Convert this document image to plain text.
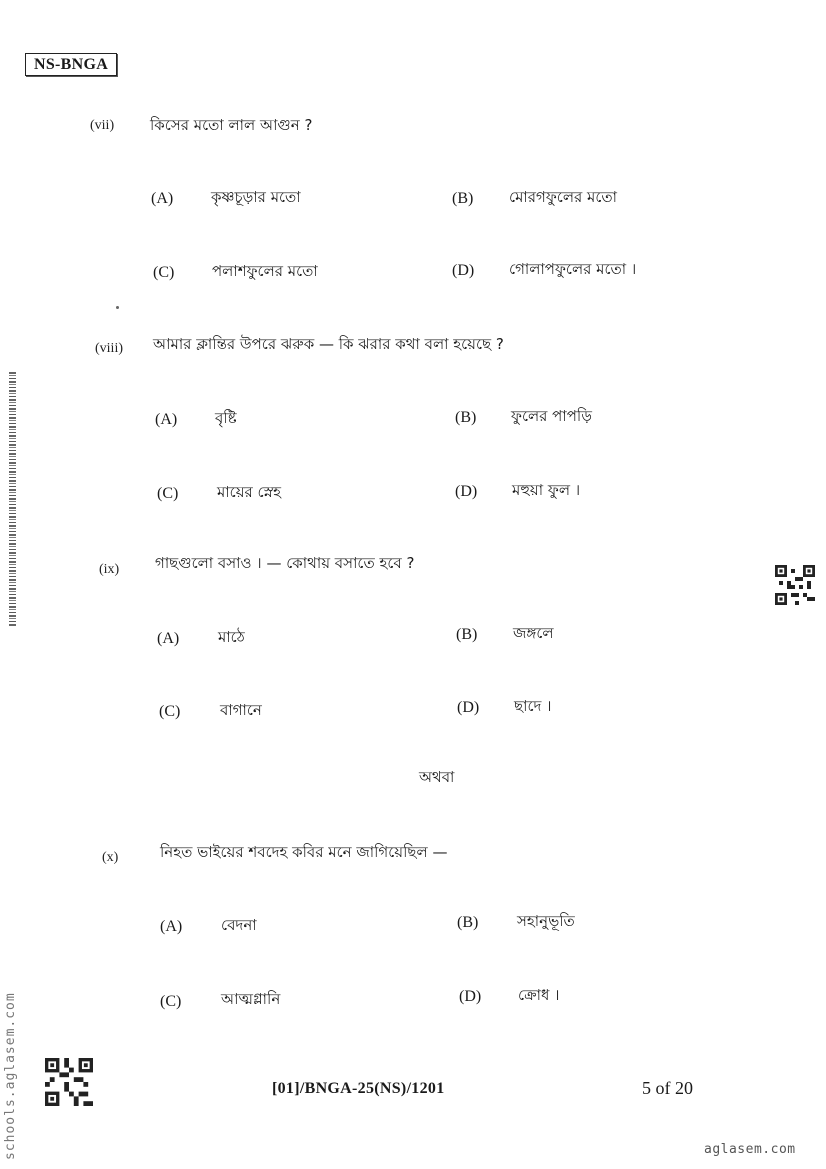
NS-BNGA
(vii) কিসের মতো লাল আগুন ?
(A)	কৃষ্ণচূড়ার মতো	(B) মোরগফুলের মতো
(C)	পলাশফুলের মতো	(D) গোলাপফুলের মতো ।
(viii) আমার ক্লান্তির উপরে ঝরুক — কি ঝরার কথা বলা হয়েছে ?
(A)	বৃষ্টি	(B) ফুলের পাপড়ি
(C)	মায়ের স্নেহ	(D) মহুয়া ফুল ।
(ix) গাছগুলো বসাও । — কোথায় বসাতে হবে ?
(A)	মাঠে	(B) জঙ্গলে
(C)	বাগানে	(D) ছাদে ।
অথবা
(x)	নিহত ভাইয়ের শবদেহ কবির মনে জাগিয়েছিল —
(A)	বেদনা	(B)	সহানুভূতি
(C)	আত্মগ্লানি	(D) ক্রোধ ।
[01]/BNGA-25(NS)/1201	5 of 20
schools.aglasem.com	aglasem.com
